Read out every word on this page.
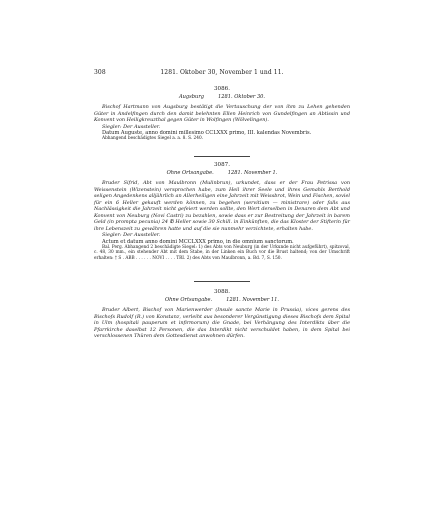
308	1281. Oktober 30, November 1 und 11.
3086.
Augsburg	1281. Oktober 30.
Bischof Hartmann von Augsburg bestätigt die Vertauschung der von ihm zu Lehen gehenden Güter in Andelfingen durch den damit belehnten Ellen Heinrich von Gundelfingen an Abtissin und Konvent von Heiligkreuzthal gegen Güter in Wolfingen (Wölvelingen).
Siegler: Der Aussteller.
Datum Auguste, anno domini millesimo CCLXXX primo, III. kalendas Novembris.
Abhangend beschädigtes Siegel a. a. 8. S. 240.
3087.
Ohne Ortsangabe.	1281. November 1.
Bruder Sifrid, Abt von Maulbronn (Mulinbrun), urkundet, dass er der Frau Petrissa von Weissenstein (Wizenstein) versprochen habe, zum Heil ihrer Seele und ihres Gemahls Berthold seligen Angedenkens alljährlich an Allerheiligen eine Jahrzeit mit Weissbrot, Wein und Fischen, soviel für ein 6 Heller gekauft werden können, zu begehen (servitium — ministrare) oder falls aus Nachlässigkeit die Jahrzeit nicht gefeiert werden sollte, den Wert derselben in Denaren dem Abt und Konvent von Neuburg (Novi Castri) zu bezahlen, sowie dass er zur Bestreitung der Jahrzeit in barem Geld (in prompta pecunia) 24 ℔ Heller sowie 30 Schill. in Einkünften, die das Kloster der Stifterin für ihre Lebenszeit zu gewähren hatte und auf die sie nunmehr verzichtete, erhalten habe.
Siegler: Der Aussteller.
Actum et datum anno domini MCCLXXX primo, in die omnium sanctorum.
Bal. Perg. Abhangend 2 beschädigte Siegel: 1) des Abts von Neuburg (in der Urkunde nicht aufgeführt), spitzoval, c. 48, 30 mm., ein stehender Abt mit dem Stabe, in der Linken ein Buch vor die Brust haltend; von der Umschrift erhalten: † S . ABB . . . . . . NOVI . . . . TRI. 2) des Abts von Maulbronn, a. Bd. 7, S. 150.
3088.
Ohne Ortsangabe.	1281. November 11.
Bruder Albert, Bischof von Marienwerder (Insule sancte Marie in Prussia), vices gerens des Bischofs Rudolf (R.) von Konstanz, verleiht aus besonderer Vergünstigung dieses Bischofs dem Spital in Ulm (hospitali pauperum et infirmorum) die Gnade, bei Verhängung des Interdikts über die Pfarrkirche daselbst 12 Personen, die das Interdikt nicht verschuldet haben, in dem Spital bei verschlossenen Thüren dem Gottesdienst anwohnen dürfen.
